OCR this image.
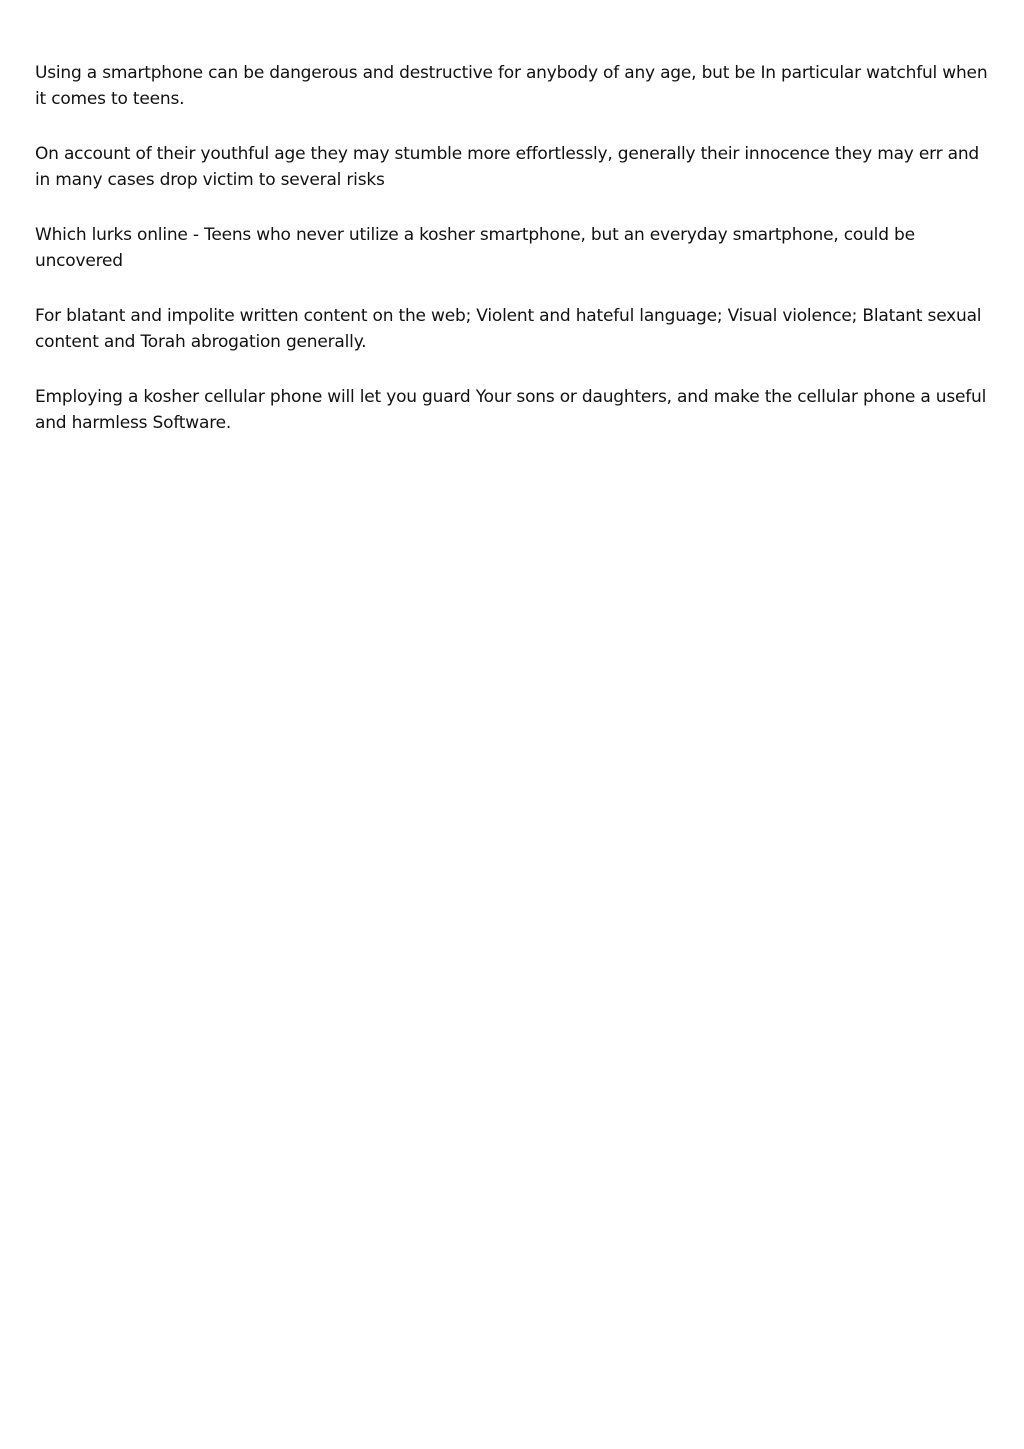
Using a smartphone can be dangerous and destructive for anybody of any age, but be In particular watchful when it comes to teens.

On account of their youthful age they may stumble more effortlessly, generally their innocence they may err and in many cases drop victim to several risks

Which lurks online - Teens who never utilize a kosher smartphone, but an everyday smartphone, could be uncovered

For blatant and impolite written content on the web; Violent and hateful language; Visual violence; Blatant sexual content and Torah abrogation generally.

Employing a kosher cellular phone will let you guard Your sons or daughters, and make the cellular phone a useful and harmless Software.
